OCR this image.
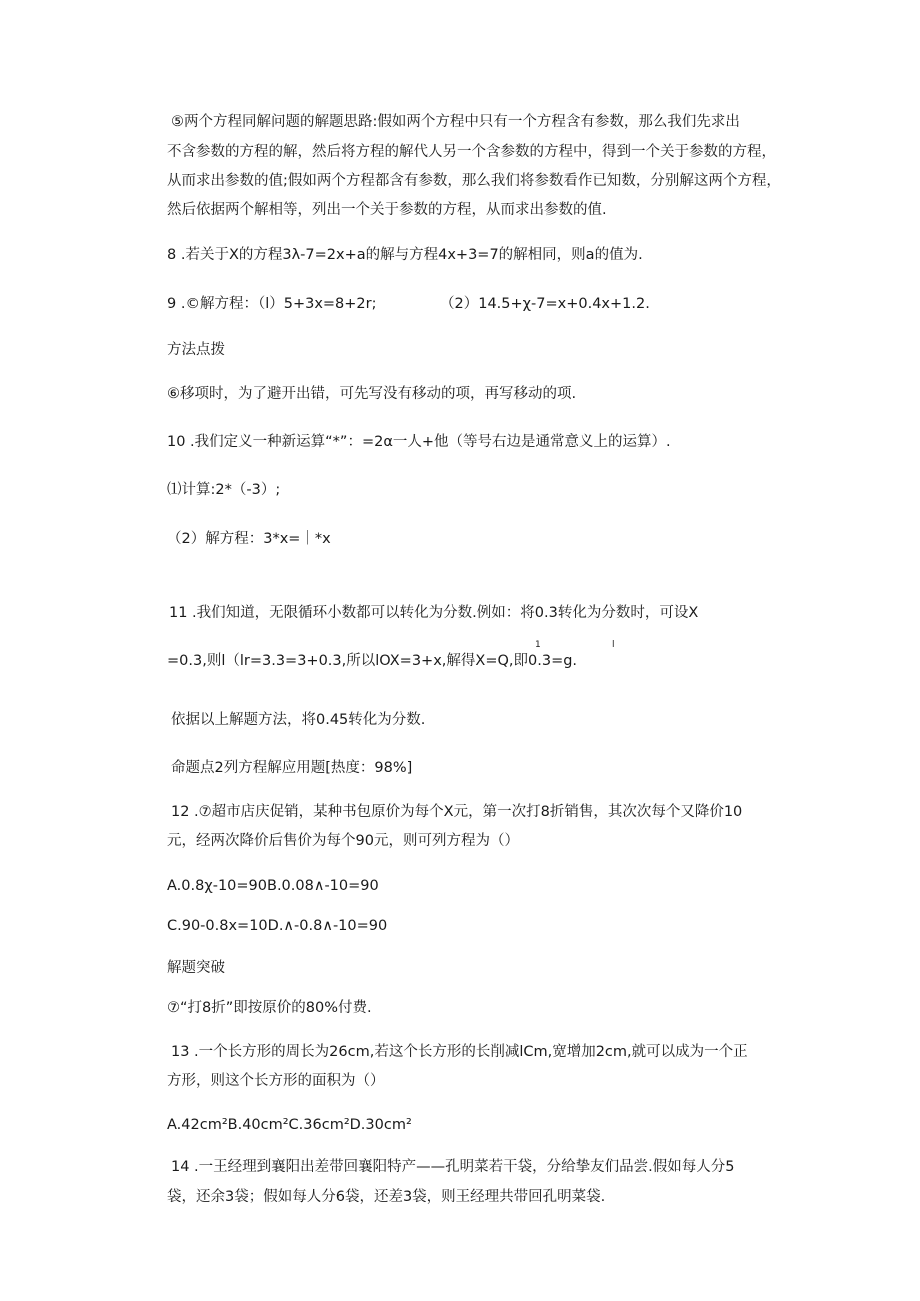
⑤两个方程同解问题的解题思路:假如两个方程中只有一个方程含有参数，那么我们先求出

不含参数的方程的解，然后将方程的解代人另一个含参数的方程中，得到一个关于参数的方程，

从而求出参数的值;假如两个方程都含有参数，那么我们将参数看作已知数，分别解这两个方程，

然后依据两个解相等，列出一个关于参数的方程，从而求出参数的值.

8 .若关于X的方程3λ-7=2x+a的解与方程4x+3=7的解相同，则a的值为.

9 .©解方程：（l）5+3x=8+2r;	（2）14.5+χ-7=x+0.4x+1.2.

方法点拨

⑥移项时，为了避开出错，可先写没有移动的项，再写移动的项.

10 .我们定义一种新运算“*”：=2α一人+他（等号右边是通常意义上的运算）.

⑴计算:2*（-3）;

（2）解方程：3*x=｜*x

11 .我们知道，无限循环小数都可以转化为分数.例如：将0.3转化为分数时，可设X

=0.3,则l（lr=3.3=3+0.3,所以lOX=3+x,解得X=Q,即0.3=g.

1	l

依据以上解题方法，将0.45转化为分数.

命题点2列方程解应用题[热度：98%]

12 .⑦超市店庆促销，某种书包原价为每个X元，第一次打8折销售，其次次每个又降价10

元，经两次降价后售价为每个90元，则可列方程为（）

A.0.8χ-10=90B.0.08∧-10=90

C.90-0.8x=10D.∧-0.8∧-10=90

解题突破

⑦“打8折”即按原价的80%付费.

13 .一个长方形的周长为26cm,若这个长方形的长削减lCm,宽增加2cm,就可以成为一个正

方形，则这个长方形的面积为（）

A.42cm²B.40cm²C.36cm²D.30cm²

14 .一王经理到襄阳出差带回襄阳特产——孔明菜若干袋，分给挚友们品尝.假如每人分5

袋，还余3袋；假如每人分6袋，还差3袋，则王经理共带回孔明菜袋.
